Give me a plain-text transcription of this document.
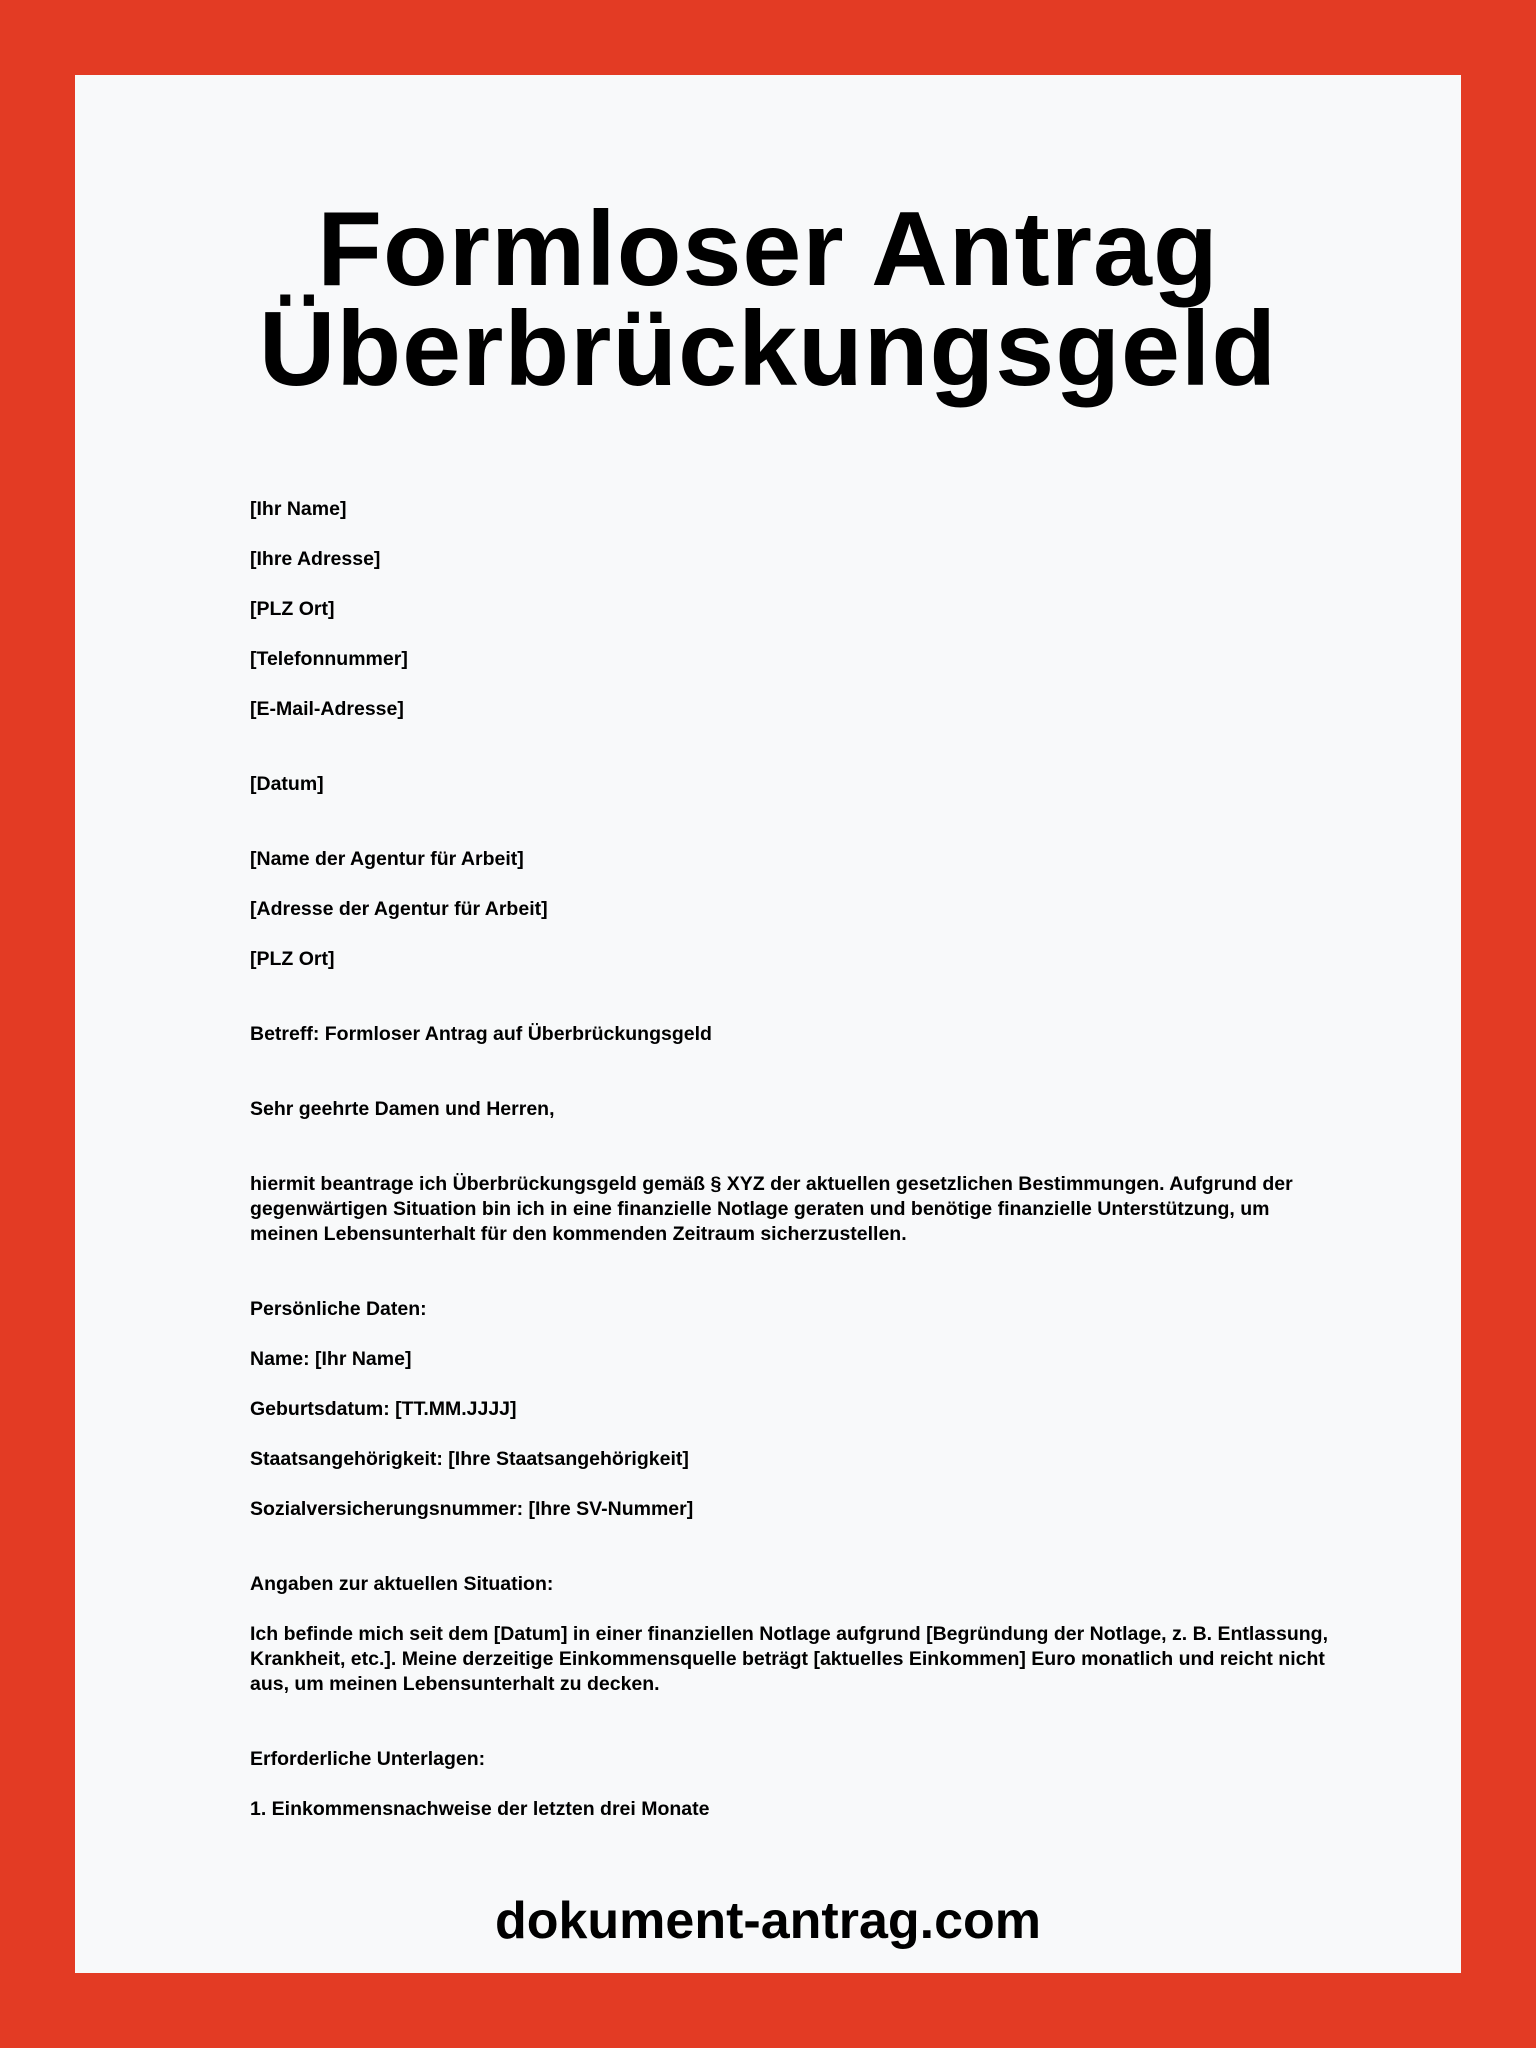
Formloser Antrag
Überbrückungsgeld

[Ihr Name]

[Ihre Adresse]

[PLZ Ort]

[Telefonnummer]

[E-Mail-Adresse]

[Datum]

[Name der Agentur für Arbeit]

[Adresse der Agentur für Arbeit]

[PLZ Ort]

Betreff: Formloser Antrag auf Überbrückungsgeld

Sehr geehrte Damen und Herren,

hiermit beantrage ich Überbrückungsgeld gemäß § XYZ der aktuellen gesetzlichen Bestimmungen. Aufgrund der gegenwärtigen Situation bin ich in eine finanzielle Notlage geraten und benötige finanzielle Unterstützung, um meinen Lebensunterhalt für den kommenden Zeitraum sicherzustellen.

Persönliche Daten:

Name: [Ihr Name]

Geburtsdatum: [TT.MM.JJJJ]

Staatsangehörigkeit: [Ihre Staatsangehörigkeit]

Sozialversicherungsnummer: [Ihre SV-Nummer]

Angaben zur aktuellen Situation:

Ich befinde mich seit dem [Datum] in einer finanziellen Notlage aufgrund [Begründung der Notlage, z. B. Entlassung, Krankheit, etc.]. Meine derzeitige Einkommensquelle beträgt [aktuelles Einkommen] Euro monatlich und reicht nicht aus, um meinen Lebensunterhalt zu decken.

Erforderliche Unterlagen:

1. Einkommensnachweise der letzten drei Monate

dokument-antrag.com
